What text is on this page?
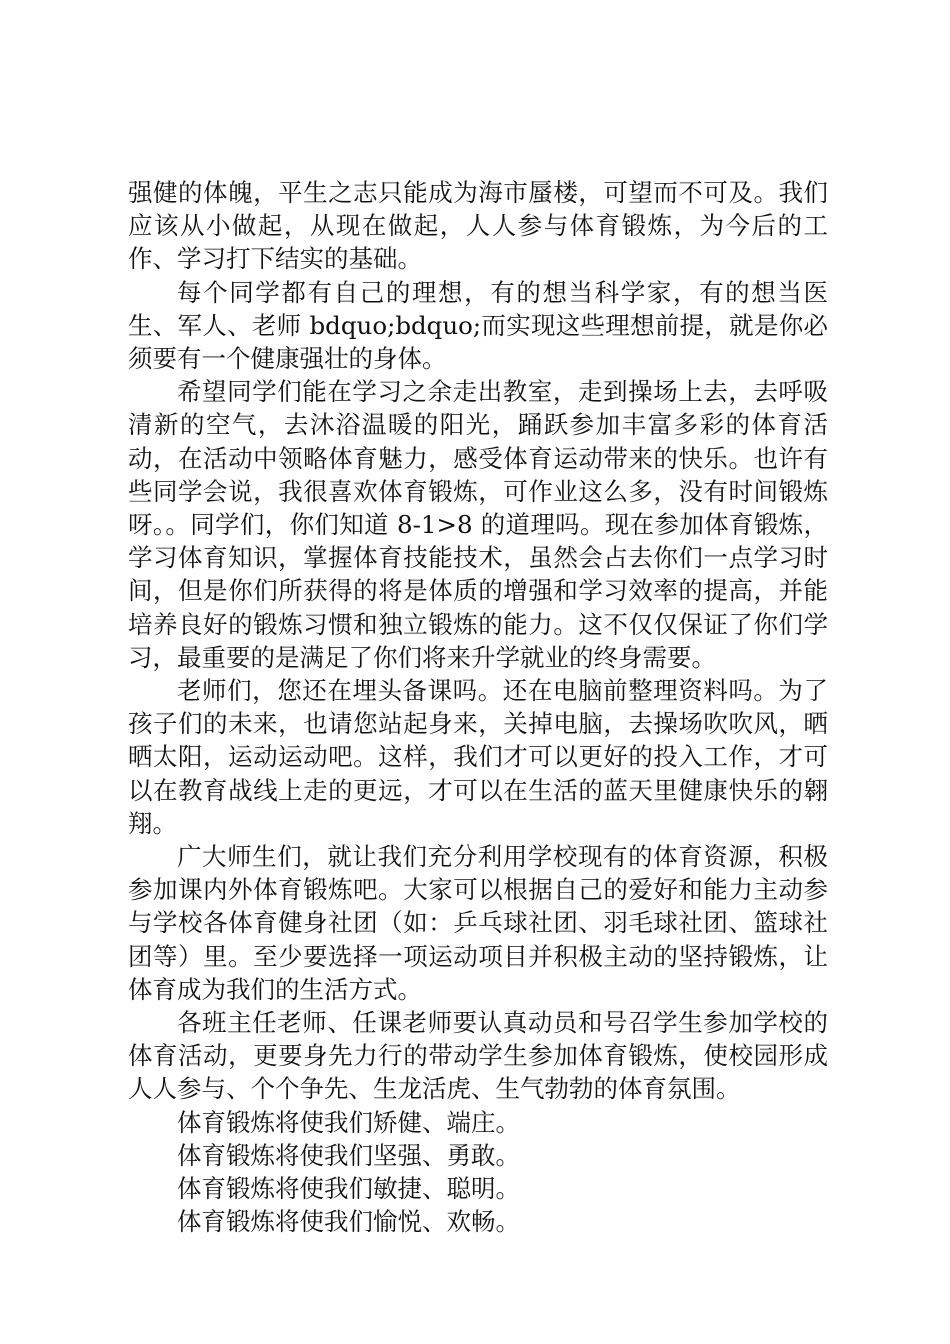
强健的体魄，平生之志只能成为海市蜃楼，可望而不可及。我们应该从小做起，从现在做起，人人参与体育锻炼，为今后的工作、学习打下结实的基础。

每个同学都有自己的理想，有的想当科学家，有的想当医生、军人、老师 bdquo;bdquo;而实现这些理想前提，就是你必须要有一个健康强壮的身体。

希望同学们能在学习之余走出教室，走到操场上去，去呼吸清新的空气，去沐浴温暖的阳光，踊跃参加丰富多彩的体育活动，在活动中领略体育魅力，感受体育运动带来的快乐。也许有些同学会说，我很喜欢体育锻炼，可作业这么多，没有时间锻炼呀。。同学们，你们知道 8-1>8 的道理吗。现在参加体育锻炼，学习体育知识，掌握体育技能技术，虽然会占去你们一点学习时间，但是你们所获得的将是体质的增强和学习效率的提高，并能培养良好的锻炼习惯和独立锻炼的能力。这不仅仅保证了你们学习，最重要的是满足了你们将来升学就业的终身需要。

老师们，您还在埋头备课吗。还在电脑前整理资料吗。为了孩子们的未来，也请您站起身来，关掉电脑，去操场吹吹风，晒晒太阳，运动运动吧。这样，我们才可以更好的投入工作，才可以在教育战线上走的更远，才可以在生活的蓝天里健康快乐的翱翔。

广大师生们，就让我们充分利用学校现有的体育资源，积极参加课内外体育锻炼吧。大家可以根据自己的爱好和能力主动参与学校各体育健身社团（如：乒乓球社团、羽毛球社团、篮球社团等）里。至少要选择一项运动项目并积极主动的坚持锻炼，让体育成为我们的生活方式。

各班主任老师、任课老师要认真动员和号召学生参加学校的体育活动，更要身先力行的带动学生参加体育锻炼，使校园形成人人参与、个个争先、生龙活虎、生气勃勃的体育氛围。

体育锻炼将使我们矫健、端庄。

体育锻炼将使我们坚强、勇敢。

体育锻炼将使我们敏捷、聪明。

体育锻炼将使我们愉悦、欢畅。
